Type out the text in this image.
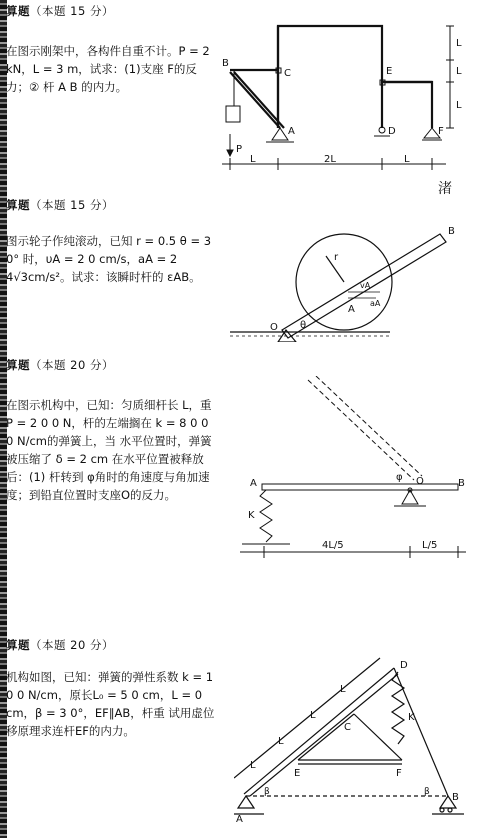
算题（本题 15 分）

在图示刚架中，各构件自重不计。P = 2 kN，L = 3 m，试求：(1)支座 F的反力；② 杆 A B 的内力。

B
C	E
A	D	F
P
L	2L	L
L
L
L
渚
算题（本题 15 分）

图示轮子作纯滚动，已知 r = 0.5 θ = 3 0° 时，υA = 2 0 cm/s，aA = 2 4√3cm/s²。试求：该瞬时杆的 εAB。

B
O
A
r
θ
vA
aA
算题（本题 20 分）

在图示机构中，已知：匀质细杆长 L，重P = 2 0 0 N，杆的左端搁在 k = 8 0 0 0 N/cm的弹簧上，当 水平位置时，弹簧被压缩了 δ = 2 cm 在水平位置被释放后：(1) 杆转到 φ角时的角速度与角加速度；到铅直位置时支座O的反力。

A	O	B
K
φ
4L/5	L/5
算题（本题 20 分）

机构如图，已知：弹簧的弹性系数 k = 1 0 0 N/cm，原长L₀ = 5 0 cm，L = 0 cm，β = 3 0°，EF∥AB，杆重 试用虚位移原理求连杆EF的内力。

D
C
K
E	F
A
B
β	β
L
L
L
L
